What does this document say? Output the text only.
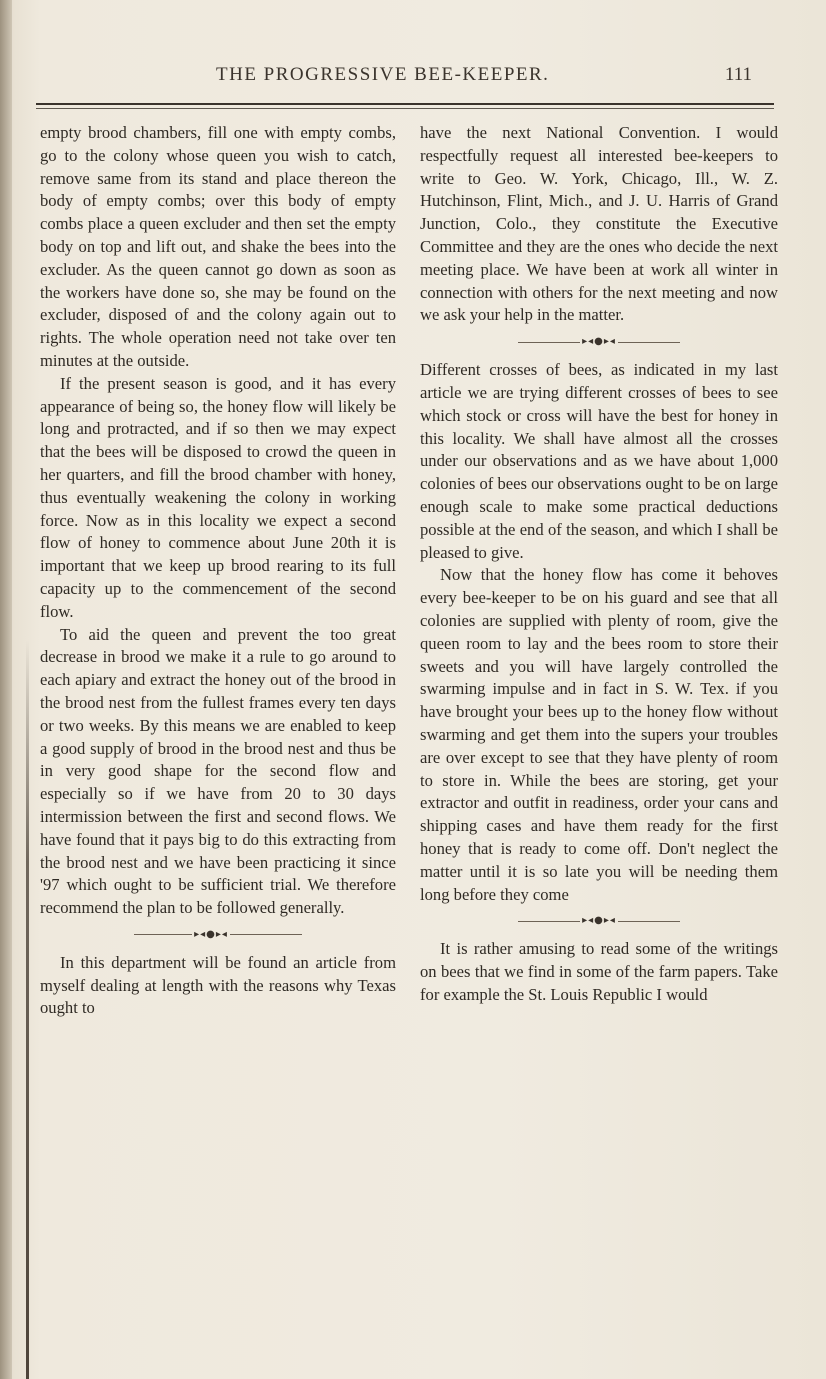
THE PROGRESSIVE BEE-KEEPER.	111

empty brood chambers, fill one with empty combs, go to the colony whose queen you wish to catch, remove same from its stand and place thereon the body of empty combs; over this body of empty combs place a queen excluder and then set the empty body on top and lift out, and shake the bees into the excluder. As the queen cannot go down as soon as the workers have done so, she may be found on the excluder, disposed of and the colony again out to rights. The whole operation need not take over ten minutes at the outside.

If the present season is good, and it has every appearance of being so, the honey flow will likely be long and protracted, and if so then we may expect that the bees will be disposed to crowd the queen in her quarters, and fill the brood chamber with honey, thus eventually weakening the colony in working force. Now as in this locality we expect a second flow of honey to commence about June 20th it is important that we keep up brood rearing to its full capacity up to the commencement of the second flow.

To aid the queen and prevent the too great decrease in brood we make it a rule to go around to each apiary and extract the honey out of the brood in the brood nest from the fullest frames every ten days or two weeks. By this means we are enabled to keep a good supply of brood in the brood nest and thus be in very good shape for the second flow and especially so if we have from 20 to 30 days intermission between the first and second flows. We have found that it pays big to do this extracting from the brood nest and we have been practicing it since '97 which ought to be sufficient trial. We therefore recommend the plan to be followed generally.

▸◂●▸◂

In this department will be found an article from myself dealing at length with the reasons why Texas ought to

have the next National Convention. I would respectfully request all interested bee-keepers to write to Geo. W. York, Chicago, Ill., W. Z. Hutchinson, Flint, Mich., and J. U. Harris of Grand Junction, Colo., they constitute the Executive Committee and they are the ones who decide the next meeting place. We have been at work all winter in connection with others for the next meeting and now we ask your help in the matter.

▸◂●▸◂

Different crosses of bees, as indicated in my last article we are trying different crosses of bees to see which stock or cross will have the best for honey in this locality. We shall have almost all the crosses under our observations and as we have about 1,000 colonies of bees our observations ought to be on large enough scale to make some practical deductions possible at the end of the season, and which I shall be pleased to give.

Now that the honey flow has come it behoves every bee-keeper to be on his guard and see that all colonies are supplied with plenty of room, give the queen room to lay and the bees room to store their sweets and you will have largely controlled the swarming impulse and in fact in S. W. Tex. if you have brought your bees up to the honey flow without swarming and get them into the supers your troubles are over except to see that they have plenty of room to store in. While the bees are storing, get your extractor and outfit in readiness, order your cans and shipping cases and have them ready for the first honey that is ready to come off. Don't neglect the matter until it is so late you will be needing them long before they come

▸◂●▸◂

It is rather amusing to read some of the writings on bees that we find in some of the farm papers. Take for example the St. Louis Republic I would
